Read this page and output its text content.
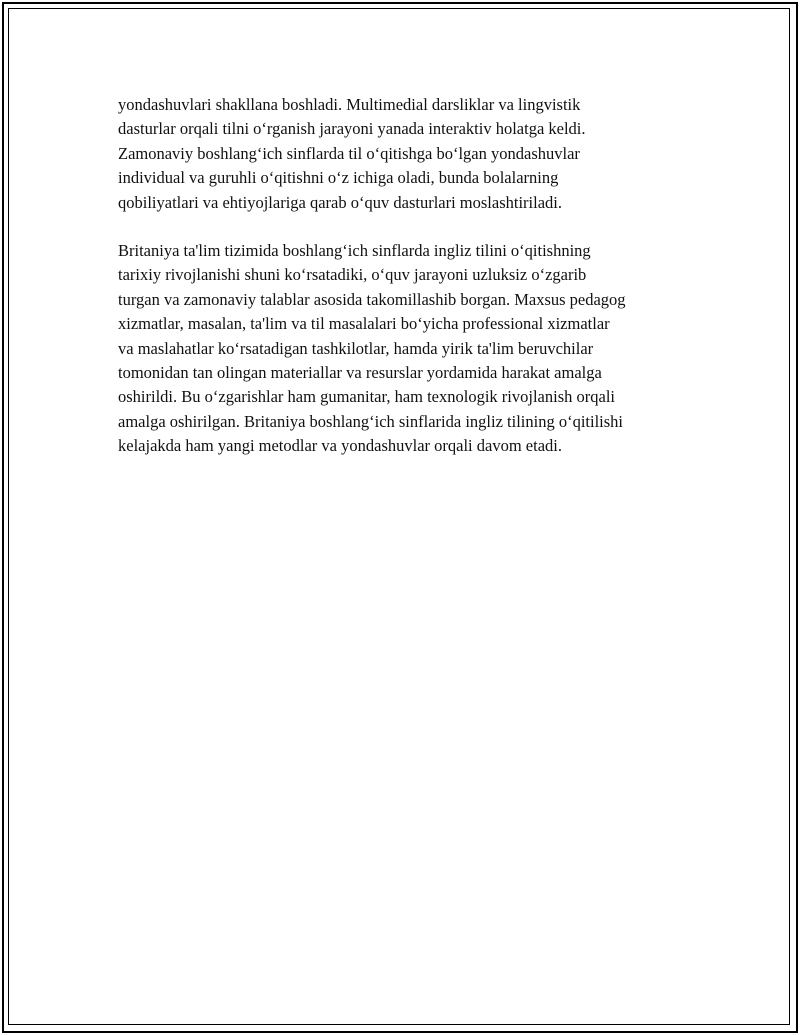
yondashuvlari shakllana boshladi. Multimedial darsliklar va lingvistik
dasturlar orqali tilni o‘rganish jarayoni yanada interaktiv holatga keldi.
Zamonaviy boshlang‘ich sinflarda til o‘qitishga bo‘lgan yondashuvlar
individual va guruhli o‘qitishni o‘z ichiga oladi, bunda bolalarning
qobiliyatlari va ehtiyojlariga qarab o‘quv dasturlari moslashtiriladi.

Britaniya ta'lim tizimida boshlang‘ich sinflarda ingliz tilini o‘qitishning
tarixiy rivojlanishi shuni ko‘rsatadiki, o‘quv jarayoni uzluksiz o‘zgarib
turgan va zamonaviy talablar asosida takomillashib borgan. Maxsus pedagog
xizmatlar, masalan, ta'lim va til masalalari bo‘yicha professional xizmatlar
va maslahatlar ko‘rsatadigan tashkilotlar, hamda yirik ta'lim beruvchilar
tomonidan tan olingan materiallar va resurslar yordamida harakat amalga
oshirildi. Bu o‘zgarishlar ham gumanitar, ham texnologik rivojlanish orqali
amalga oshirilgan. Britaniya boshlang‘ich sinflarida ingliz tilining o‘qitilishi
kelajakda ham yangi metodlar va yondashuvlar orqali davom etadi.
